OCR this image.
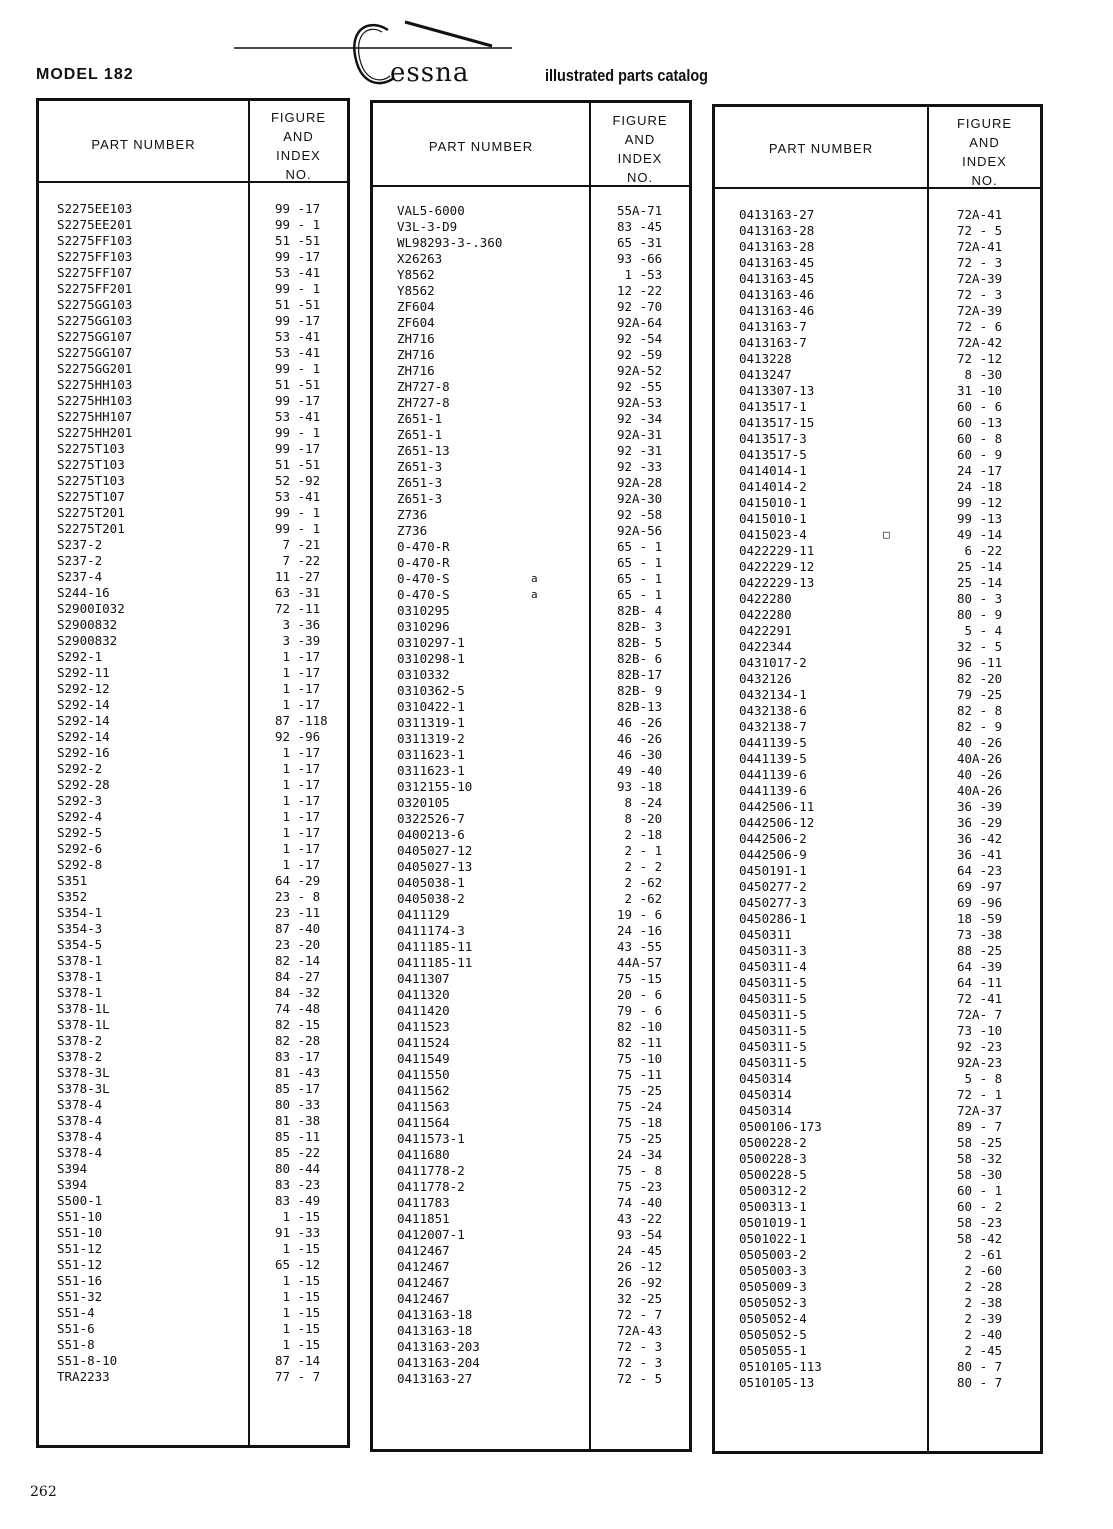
MODEL 182	essna	illustrated parts catalog
PART NUMBER
FIGURE
AND
INDEX
NO.
S2275EE103	99 -17
S2275EE201	99 - 1
S2275FF103	51 -51
S2275FF103	99 -17
S2275FF107	53 -41
S2275FF201	99 - 1
S2275GG103	51 -51
S2275GG103	99 -17
S2275GG107	53 -41
S2275GG107	53 -41
S2275GG201	99 - 1
S2275HH103	51 -51
S2275HH103	99 -17
S2275HH107	53 -41
S2275HH201	99 - 1
S2275T103	99 -17
S2275T103	51 -51
S2275T103	52 -92
S2275T107	53 -41
S2275T201	99 - 1
S2275T201	99 - 1
S237-2	7 -21
S237-2	7 -22
S237-4	11 -27
S244-16	63 -31
S2900I032	72 -11
S2900832	3 -36
S2900832	3 -39
S292-1	1 -17
S292-11	1 -17
S292-12	1 -17
S292-14	1 -17
S292-14	87 -118
S292-14	92 -96
S292-16	1 -17
S292-2	1 -17
S292-28	1 -17
S292-3	1 -17
S292-4	1 -17
S292-5	1 -17
S292-6	1 -17
S292-8	1 -17
S351	64 -29
S352	23 - 8
S354-1	23 -11
S354-3	87 -40
S354-5	23 -20
S378-1	82 -14
S378-1	84 -27
S378-1	84 -32
S378-1L	74 -48
S378-1L	82 -15
S378-2	82 -28
S378-2	83 -17
S378-3L	81 -43
S378-3L	85 -17
S378-4	80 -33
S378-4	81 -38
S378-4	85 -11
S378-4	85 -22
S394	80 -44
S394	83 -23
S500-1	83 -49
S51-10	1 -15
S51-10	91 -33
S51-12	1 -15
S51-12	65 -12
S51-16	1 -15
S51-32	1 -15
S51-4	1 -15
S51-6	1 -15
S51-8	1 -15
S51-8-10	87 -14
TRA2233	77 - 7
PART NUMBER
FIGURE
AND
INDEX
NO.
VAL5-6000	55A-71
V3L-3-D9	83 -45
WL98293-3-.360	65 -31
X26263	93 -66
Y8562	1 -53
Y8562	12 -22
ZF604	92 -70
ZF604	92A-64
ZH716	92 -54
ZH716	92 -59
ZH716	92A-52
ZH727-8	92 -55
ZH727-8	92A-53
Z651-1	92 -34
Z651-1	92A-31
Z651-13	92 -31
Z651-3	92 -33
Z651-3	92A-28
Z651-3	92A-30
Z736	92 -58
Z736	92A-56
0-470-R	65 - 1
0-470-R	65 - 1
0-470-S	a	65 - 1
0-470-S	a	65 - 1
0310295	82B- 4
0310296	82B- 3
0310297-1	82B- 5
0310298-1	82B- 6
0310332	82B-17
0310362-5	82B- 9
0310422-1	82B-13
0311319-1	46 -26
0311319-2	46 -26
0311623-1	46 -30
0311623-1	49 -40
0312155-10	93 -18
0320105	8 -24
0322526-7	8 -20
0400213-6	2 -18
0405027-12	2 - 1
0405027-13	2 - 2
0405038-1	2 -62
0405038-2	2 -62
0411129	19 - 6
0411174-3	24 -16
0411185-11	43 -55
0411185-11	44A-57
0411307	75 -15
0411320	20 - 6
0411420	79 - 6
0411523	82 -10
0411524	82 -11
0411549	75 -10
0411550	75 -11
0411562	75 -25
0411563	75 -24
0411564	75 -18
0411573-1	75 -25
0411680	24 -34
0411778-2	75 - 8
0411778-2	75 -23
0411783	74 -40
0411851	43 -22
0412007-1	93 -54
0412467	24 -45
0412467	26 -12
0412467	26 -92
0412467	32 -25
0413163-18	72 - 7
0413163-18	72A-43
0413163-203	72 - 3
0413163-204	72 - 3
0413163-27	72 - 5
PART NUMBER
FIGURE
AND
INDEX
NO.
0413163-27	72A-41
0413163-28	72 - 5
0413163-28	72A-41
0413163-45	72 - 3
0413163-45	72A-39
0413163-46	72 - 3
0413163-46	72A-39
0413163-7	72 - 6
0413163-7	72A-42
0413228	72 -12
0413247	8 -30
0413307-13	31 -10
0413517-1	60 - 6
0413517-15	60 -13
0413517-3	60 - 8
0413517-5	60 - 9
0414014-1	24 -17
0414014-2	24 -18
0415010-1	99 -12
0415010-1	99 -13
0415023-4	□	49 -14
0422229-11	6 -22
0422229-12	25 -14
0422229-13	25 -14
0422280	80 - 3
0422280	80 - 9
0422291	5 - 4
0422344	32 - 5
0431017-2	96 -11
0432126	82 -20
0432134-1	79 -25
0432138-6	82 - 8
0432138-7	82 - 9
0441139-5	40 -26
0441139-5	40A-26
0441139-6	40 -26
0441139-6	40A-26
0442506-11	36 -39
0442506-12	36 -29
0442506-2	36 -42
0442506-9	36 -41
0450191-1	64 -23
0450277-2	69 -97
0450277-3	69 -96
0450286-1	18 -59
0450311	73 -38
0450311-3	88 -25
0450311-4	64 -39
0450311-5	64 -11
0450311-5	72 -41
0450311-5	72A- 7
0450311-5	73 -10
0450311-5	92 -23
0450311-5	92A-23
0450314	5 - 8
0450314	72 - 1
0450314	72A-37
0500106-173	89 - 7
0500228-2	58 -25
0500228-3	58 -32
0500228-5	58 -30
0500312-2	60 - 1
0500313-1	60 - 2
0501019-1	58 -23
0501022-1	58 -42
0505003-2	2 -61
0505003-3	2 -60
0505009-3	2 -28
0505052-3	2 -38
0505052-4	2 -39
0505052-5	2 -40
0505055-1	2 -45
0510105-113	80 - 7
0510105-13	80 - 7
262
